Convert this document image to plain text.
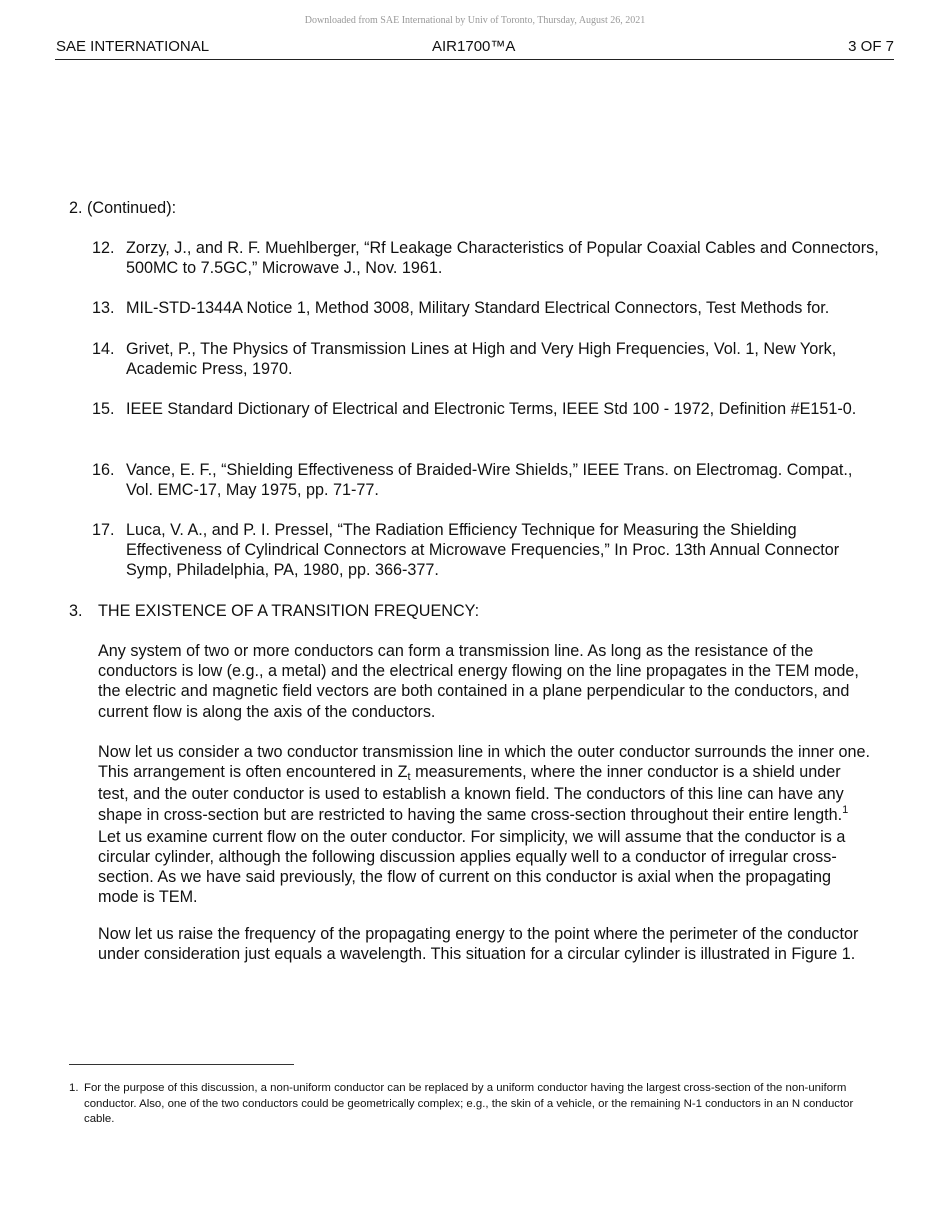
Downloaded from SAE International by Univ of Toronto, Thursday, August 26, 2021
SAE INTERNATIONAL	AIR1700™A	3 OF 7
2. (Continued):
12. Zorzy, J., and R. F. Muehlberger, “Rf Leakage Characteristics of Popular Coaxial Cables and Connectors, 500MC to 7.5GC,” Microwave J., Nov. 1961.
13. MIL-STD-1344A Notice 1, Method 3008, Military Standard Electrical Connectors, Test Methods for.
14. Grivet, P., The Physics of Transmission Lines at High and Very High Frequencies, Vol. 1, New York, Academic Press, 1970.
15. IEEE Standard Dictionary of Electrical and Electronic Terms, IEEE Std 100 - 1972, Definition #E151-0.
16. Vance, E. F., “Shielding Effectiveness of Braided-Wire Shields,” IEEE Trans. on Electromag. Compat., Vol. EMC-17, May 1975, pp. 71-77.
17. Luca, V. A., and P. I. Pressel, “The Radiation Efficiency Technique for Measuring the Shielding Effectiveness of Cylindrical Connectors at Microwave Frequencies,” In Proc. 13th Annual Connector Symp, Philadelphia, PA, 1980, pp. 366-377.
3. THE EXISTENCE OF A TRANSITION FREQUENCY:

Any system of two or more conductors can form a transmission line. As long as the resistance of the conductors is low (e.g., a metal) and the electrical energy flowing on the line propagates in the TEM mode, the electric and magnetic field vectors are both contained in a plane perpendicular to the conductors, and current flow is along the axis of the conductors.

Now let us consider a two conductor transmission line in which the outer conductor surrounds the inner one. This arrangement is often encountered in $Z_t$ measurements, where the inner conductor is a shield under test, and the outer conductor is used to establish a known field. The conductors of this line can have any shape in cross-section but are restricted to having the same cross-section throughout their entire length.$^1$ Let us examine current flow on the outer conductor. For simplicity, we will assume that the conductor is a circular cylinder, although the following discussion applies equally well to a conductor of irregular cross-section. As we have said previously, the flow of current on this conductor is axial when the propagating mode is TEM.

Now let us raise the frequency of the propagating energy to the point where the perimeter of the conductor under consideration just equals a wavelength. This situation for a circular cylinder is illustrated in Figure 1.

1. For the purpose of this discussion, a non-uniform conductor can be replaced by a uniform conductor having the largest cross-section of the non-uniform conductor. Also, one of the two conductors could be geometrically complex; e.g., the skin of a vehicle, or the remaining N-1 conductors in an N conductor cable.
